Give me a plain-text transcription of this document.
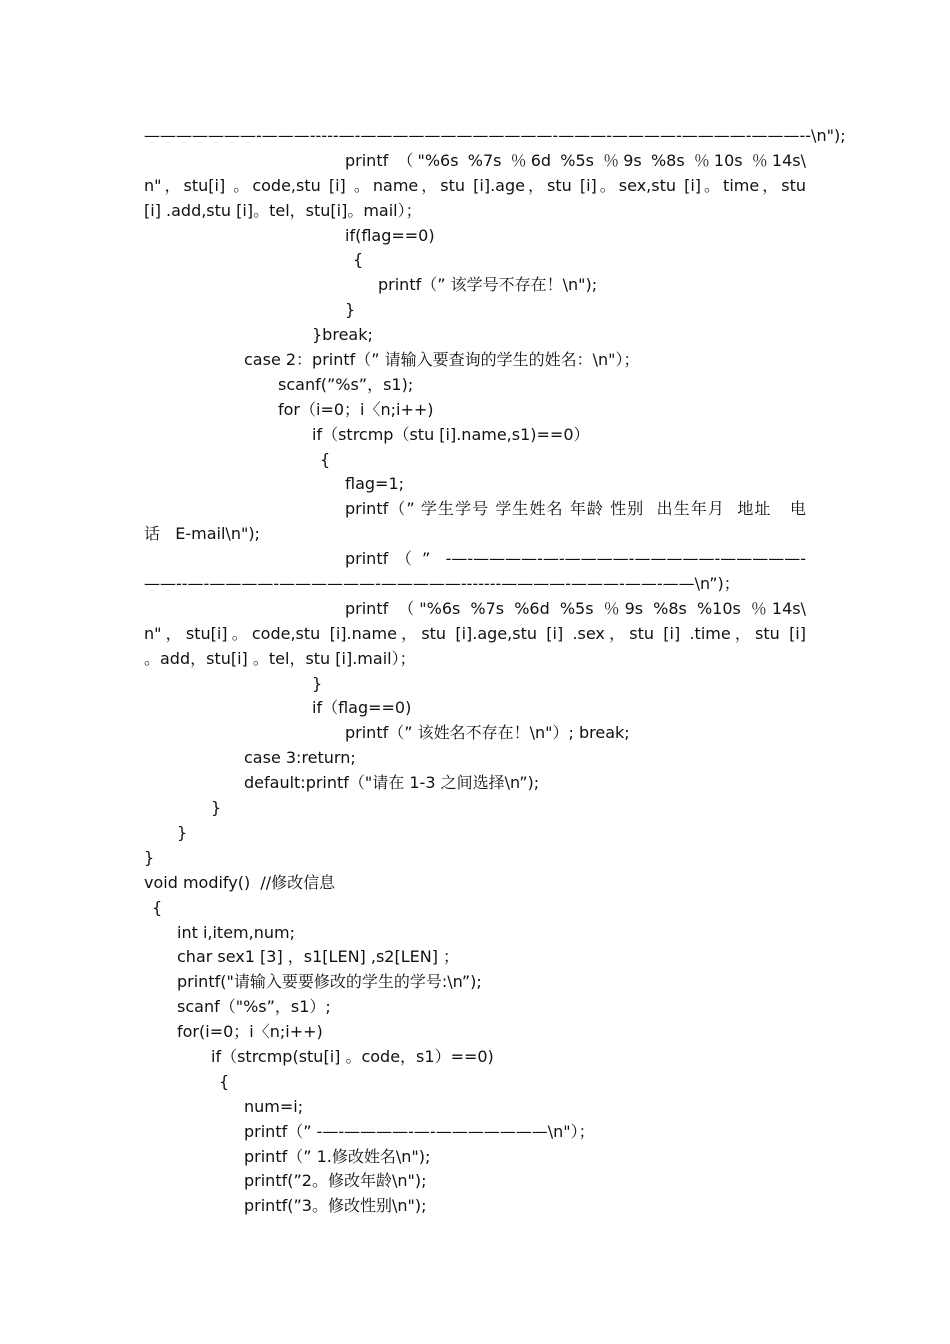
———————-———-----—-————————————-———-————-————-———--\n");
printf （"%6s %7s ％6d %5s ％9s %8s ％10s ％14s\
n"，stu[i] 。code,stu [i] 。name，stu [i].age，stu [i]。sex,stu [i]。time，stu
[i] .add,stu [i]。tel，stu[i]。mail）；
if(flag==0)
{
printf（” 该学号不存在！\n");
}
}break;
case 2：printf（” 请输入要查询的学生的姓名：\n"）；
scanf(”%s”，s1);
for（i=0；i〈n;i++)
if（strcmp（stu [i].name,s1)==0）
{
flag=1;
printf（” 学生学号 学生姓名 年龄 性别  出生年月  地址   电
话   E-mail\n");
printf （ ”  -—-————-—-————-—————-—————-
——--—-————-——————-—————-------————-———-——-——\n”)；
printf （"%6s %7s %6d %5s ％9s %8s %10s ％14s\
n"，stu[i]。code,stu [i].name，stu [i].age,stu [i] .sex，stu [i] .time，stu [i]
。add，stu[i] 。tel，stu [i].mail）；
}
if（flag==0)
printf（” 该姓名不存在！\n"）; break;
case 3:return;
default:printf（"请在 1-3 之间选择\n”);
}
}
}
void modify()  //修改信息
{
int i,item,num;
char sex1 [3] ，s1[LEN] ,s2[LEN] ；
printf("请输入要要修改的学生的学号:\n”);
scanf（"%s”，s1）;
for(i=0；i〈n;i++)
if（strcmp(stu[i] 。code，s1）==0)
{
num=i;
printf（” -—-————-—-———————\n"）；
printf（” 1.修改姓名\n");
printf(”2。修改年龄\n");
printf(”3。修改性别\n");
